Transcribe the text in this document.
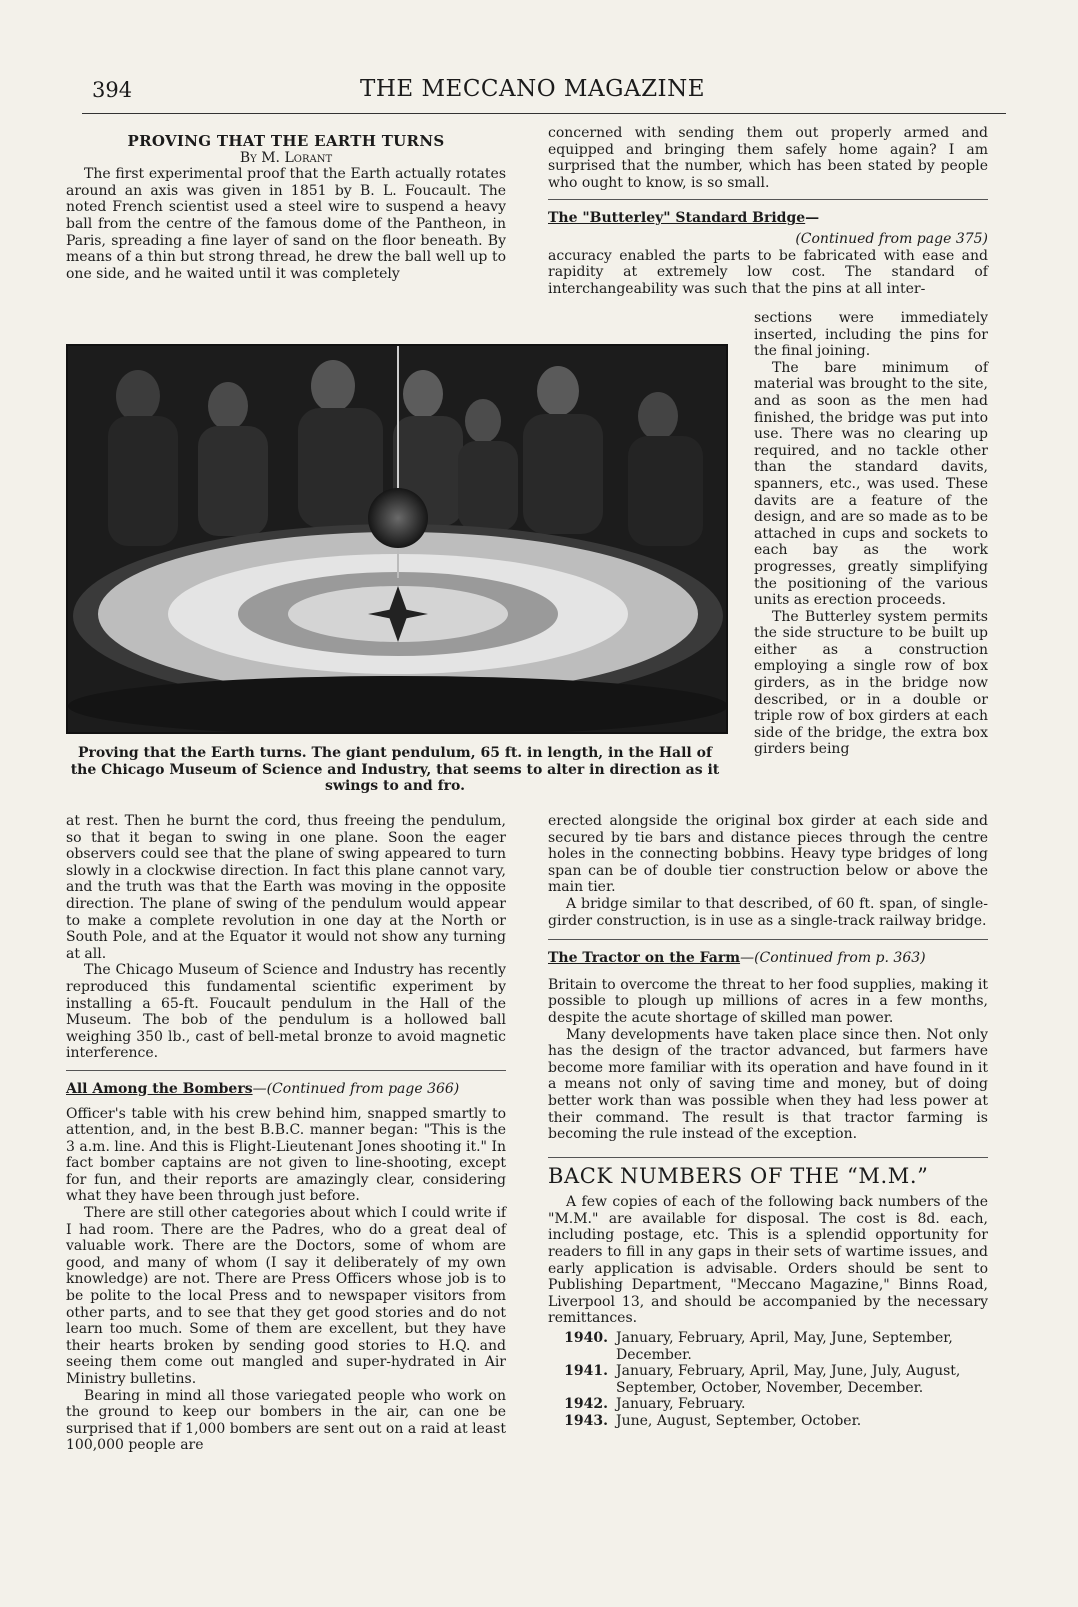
394	THE MECCANO MAGAZINE
PROVING THAT THE EARTH TURNS
By M. Lorant

The first experimental proof that the Earth actually rotates around an axis was given in 1851 by B. L. Foucault. The noted French scientist used a steel wire to suspend a heavy ball from the centre of the famous dome of the Pantheon, in Paris, spreading a fine layer of sand on the floor beneath. By means of a thin but strong thread, he drew the ball well up to one side, and he waited until it was completely

Proving that the Earth turns. The giant pendulum, 65 ft. in length, in the Hall of the Chicago Museum of Science and Industry, that seems to alter in direction as it swings to and fro.

at rest. Then he burnt the cord, thus freeing the pendulum, so that it began to swing in one plane. Soon the eager observers could see that the plane of swing appeared to turn slowly in a clockwise direction. In fact this plane cannot vary, and the truth was that the Earth was moving in the opposite direction. The plane of swing of the pendulum would appear to make a complete revolution in one day at the North or South Pole, and at the Equator it would not show any turning at all.

The Chicago Museum of Science and Industry has recently reproduced this fundamental scientific experiment by installing a 65-ft. Foucault pendulum in the Hall of the Museum. The bob of the pendulum is a hollowed ball weighing 350 lb., cast of bell-metal bronze to avoid magnetic interference.

All Among the Bombers—(Continued from page 366)

Officer's table with his crew behind him, snapped smartly to attention, and, in the best B.B.C. manner began: "This is the 3 a.m. line. And this is Flight-Lieutenant Jones shooting it." In fact bomber captains are not given to line-shooting, except for fun, and their reports are amazingly clear, considering what they have been through just before.

There are still other categories about which I could write if I had room. There are the Padres, who do a great deal of valuable work. There are the Doctors, some of whom are good, and many of whom (I say it deliberately of my own knowledge) are not. There are Press Officers whose job is to be polite to the local Press and to newspaper visitors from other parts, and to see that they get good stories and do not learn too much. Some of them are excellent, but they have their hearts broken by sending good stories to H.Q. and seeing them come out mangled and super-hydrated in Air Ministry bulletins.

Bearing in mind all those variegated people who work on the ground to keep our bombers in the air, can one be surprised that if 1,000 bombers are sent out on a raid at least 100,000 people are

concerned with sending them out properly armed and equipped and bringing them safely home again? I am surprised that the number, which has been stated by people who ought to know, is so small.

The "Butterley" Standard Bridge—
(Continued from page 375)

accuracy enabled the parts to be fabricated with ease and rapidity at extremely low cost. The standard of interchangeability was such that the pins at all inter-

sections were immediately inserted, including the pins for the final joining.

The bare minimum of material was brought to the site, and as soon as the men had finished, the bridge was put into use. There was no clearing up required, and no tackle other than the standard davits, spanners, etc., was used. These davits are a feature of the design, and are so made as to be attached in cups and sockets to each bay as the work progresses, greatly simplifying the positioning of the various units as erection proceeds.

The Butterley system permits the side structure to be built up either as a construction employing a single row of box girders, as in the bridge now described, or in a double or triple row of box girders at each side of the bridge, the extra box girders being

erected alongside the original box girder at each side and secured by tie bars and distance pieces through the centre holes in the connecting bobbins. Heavy type bridges of long span can be of double tier construction below or above the main tier.

A bridge similar to that described, of 60 ft. span, of single-girder construction, is in use as a single-track railway bridge.

The Tractor on the Farm—(Continued from p. 363)

Britain to overcome the threat to her food supplies, making it possible to plough up millions of acres in a few months, despite the acute shortage of skilled man power.

Many developments have taken place since then. Not only has the design of the tractor advanced, but farmers have become more familiar with its operation and have found in it a means not only of saving time and money, but of doing better work than was possible when they had less power at their command. The result is that tractor farming is becoming the rule instead of the exception.

BACK NUMBERS OF THE “M.M.”

A few copies of each of the following back numbers of the "M.M." are available for disposal. The cost is 8d. each, including postage, etc. This is a splendid opportunity for readers to fill in any gaps in their sets of wartime issues, and early application is advisable. Orders should be sent to Publishing Department, "Meccano Magazine," Binns Road, Liverpool 13, and should be accompanied by the necessary remittances.

1940. January, February, April, May, June, September, December.
1941. January, February, April, May, June, July, August, September, October, November, December.
1942. January, February.
1943. June, August, September, October.
